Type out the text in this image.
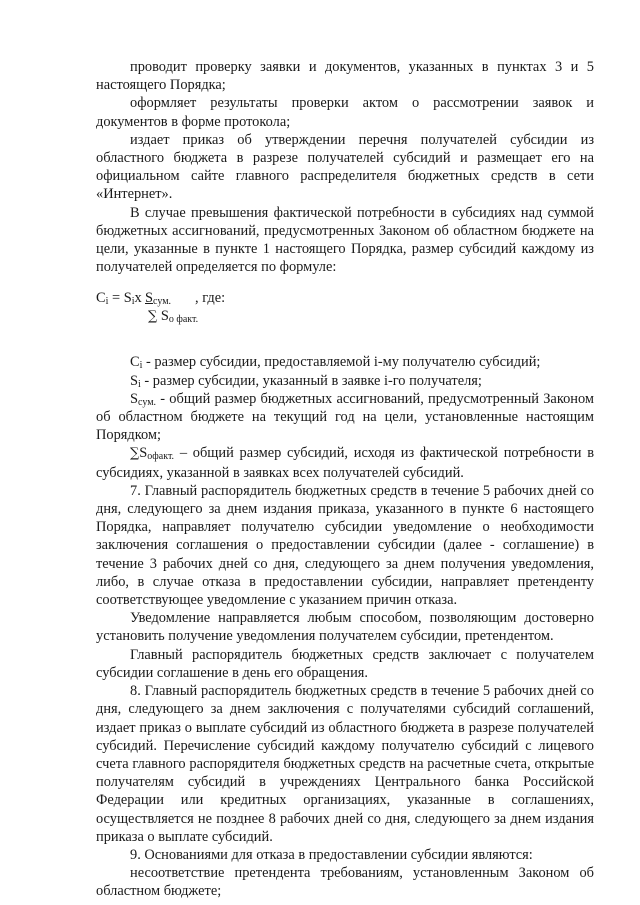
проводит проверку заявки и документов, указанных в пунктах 3 и 5 настоящего Порядка;

оформляет результаты проверки актом о рассмотрении заявок и документов в форме протокола;

издает приказ об утверждении перечня получателей субсидии из областного бюджета в разрезе получателей субсидий и размещает его на официальном сайте главного распределителя бюджетных средств в сети «Интернет».

В случае превышения фактической потребности в субсидиях над суммой бюджетных ассигнований, предусмотренных Законом об областном бюджете на цели, указанные в пункте 1 настоящего Порядка, размер субсидий каждому из получателей определяется по формуле:

$C_i = S_ix$ $S_{сум.}$ , где:
∑ $S_{о факт.}$

$C_i$ - размер субсидии, предоставляемой i-му получателю субсидий;

$S_i$ - размер субсидии, указанный в заявке i-го получателя;

$S_{сум.}$ - общий размер бюджетных ассигнований, предусмотренный Законом об областном бюджете на текущий год на цели, установленные настоящим Порядком;

$\sum S_{офакт.}$ – общий размер субсидий, исходя из фактической потребности в субсидиях, указанной в заявках всех получателей субсидий.

7. Главный распорядитель бюджетных средств в течение 5 рабочих дней со дня, следующего за днем издания приказа, указанного в пункте 6 настоящего Порядка, направляет получателю субсидии уведомление о необходимости заключения соглашения о предоставлении субсидии (далее - соглашение) в течение 3 рабочих дней со дня, следующего за днем получения уведомления, либо, в случае отказа в предоставлении субсидии, направляет претенденту соответствующее уведомление с указанием причин отказа.

Уведомление направляется любым способом, позволяющим достоверно установить получение уведомления получателем субсидии, претендентом.

Главный распорядитель бюджетных средств заключает с получателем субсидии соглашение в день его обращения.

8. Главный распорядитель бюджетных средств в течение 5 рабочих дней со дня, следующего за днем заключения с получателями субсидий соглашений, издает приказ о выплате субсидий из областного бюджета в разрезе получателей субсидий. Перечисление субсидий каждому получателю субсидий с лицевого счета главного распорядителя бюджетных средств на расчетные счета, открытые получателям субсидий в учреждениях Центрального банка Российской Федерации или кредитных организациях, указанные в соглашениях, осуществляется не позднее 8 рабочих дней со дня, следующего за днем издания приказа о выплате субсидий.

9. Основаниями для отказа в предоставлении субсидии являются:

несоответствие претендента требованиям, установленным Законом об областном бюджете;
